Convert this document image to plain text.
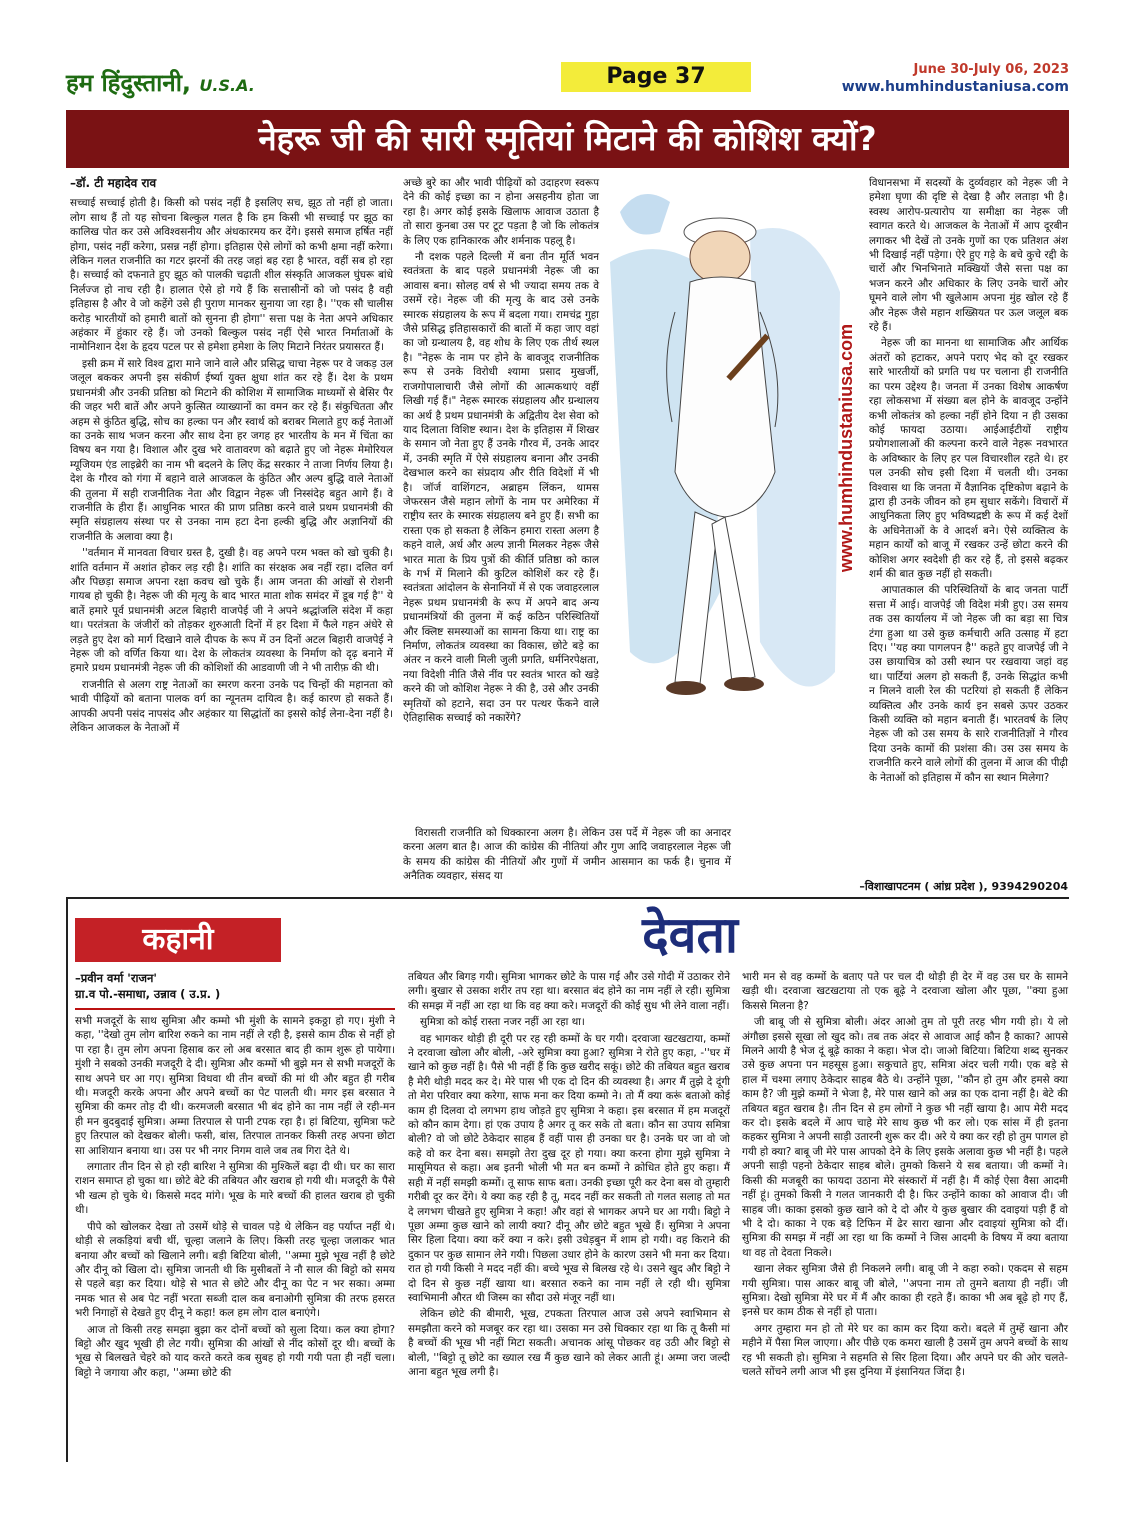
हम हिंदुस्तानी, U.S.A.	Page 37	June 30-July 06, 2023
www.humhindustaniusa.com
नेहरू जी की सारी स्मृतियां मिटाने की कोशिश क्यों?
–डॉ. टी महादेव राव

सच्चाई सच्चाई होती है। किसी को पसंद नहीं है इसलिए सच, झूठ तो नहीं हो जाता। लोग साथ हैं तो यह सोचना बिल्कुल गलत है कि हम किसी भी सच्चाई पर झूठ का कालिख पोत कर उसे अविश्वसनीय और अंधकारमय कर देंगे। इससे समाज हर्षित नहीं होगा, पसंद नहीं करेगा, प्रसन्न नहीं होगा। इतिहास ऐसे लोगों को कभी क्षमा नहीं करेगा। लेकिन गलत राजनीति का गटर झरनों की तरह जहां बह रहा है भारत, वहीं सब हो रहा है। सच्चाई को दफनाते हुए झूठ को पालकी चढ़ाती शील संस्कृति आजकल घुंघरू बांधे निर्लज्ज हो नाच रही है। हालात ऐसे हो गये हैं कि सत्तासीनों को जो पसंद है वही इतिहास है और वे जो कहेंगे उसे ही पुराण मानकर सुनाया जा रहा है। ''एक सौ चालीस करोड़ भारतीयों को हमारी बातों को सुनना ही होगा'' सत्ता पक्ष के नेता अपने अधिकार अहंकार में हुंकार रहे हैं। जो उनको बिल्कुल पसंद नहीं ऐसे भारत निर्माताओं के नामोनिशान देश के हृदय पटल पर से हमेशा हमेशा के लिए मिटाने निरंतर प्रयासरत हैं।

इसी क्रम में सारे विश्व द्वारा माने जाने वाले और प्रसिद्ध चाचा नेहरू पर वे जकड़ उल जलूल बककर अपनी इस संकीर्ण ईर्ष्या युक्त क्षुधा शांत कर रहे हैं। देश के प्रथम प्रधानमंत्री और उनकी प्रतिष्ठा को मिटाने की कोशिश में सामाजिक माध्यमों से बेसिर पैर की जहर भरी बातें और अपने कुत्सित व्याख्यानों का वमन कर रहे हैं। संकुचितता और अहम से कुंठित बुद्धि, सोच का हल्का पन और स्वार्थ को बराबर मिलाते हुए कई नेताओं का उनके साथ भजन करना और साथ देना हर जगह हर भारतीय के मन में चिंता का विषय बन गया है। विशाल और दुख भरे वातावरण को बढ़ाते हुए जो नेहरू मेमोरियल म्यूजियम एंड लाइब्रेरी का नाम भी बदलने के लिए केंद्र सरकार ने ताजा निर्णय लिया है। देश के गौरव को गंगा में बहाने वाले आजकल के कुंठित और अल्प बुद्धि वाले नेताओं की तुलना में सही राजनीतिक नेता और विद्वान नेहरू जी निस्संदेह बहुत आगे हैं। वे राजनीति के हीरा हैं। आधुनिक भारत की प्राण प्रतिष्ठा करने वाले प्रथम प्रधानमंत्री की स्मृति संग्रहालय संस्था पर से उनका नाम हटा देना हल्की बुद्धि और अज्ञानियों की राजनीति के अलावा क्या है।

''वर्तमान में मानवता विचार ग्रस्त है, दुखी है। वह अपने परम भक्त को खो चुकी है। शांति वर्तमान में अशांत होकर लड़ रही है। शांति का संरक्षक अब नहीं रहा। दलित वर्ग और पिछड़ा समाज अपना रक्षा कवच खो चुके हैं। आम जनता की आंखों से रोशनी गायब हो चुकी है। नेहरू जी की मृत्यु के बाद भारत माता शोक समंदर में डूब गई है'' ये बातें हमारे पूर्व प्रधानमंत्री अटल बिहारी वाजपेई जी ने अपने श्रद्धांजलि संदेश में कहा था। परतंत्रता के जंजीरों को तोड़कर शुरुआती दिनों में हर दिशा में फैले गहन अंधेरे से लड़ते हुए देश को मार्ग दिखाने वाले दीपक के रूप में उन दिनों अटल बिहारी वाजपेई ने नेहरू जी को वर्णित किया था। देश के लोकतंत्र व्यवस्था के निर्माण को दृढ़ बनाने में हमारे प्रथम प्रधानमंत्री नेहरू जी की कोशिशों की आडवाणी जी ने भी तारीफ़ की थी।

राजनीति से अलग राष्ट्र नेताओं का स्मरण करना उनके पद चिन्हों की महानता को भावी पीढ़ियों को बताना पालक वर्ग का न्यूनतम दायित्व है। कई कारण हो सकते हैं। आपकी अपनी पसंद नापसंद और अहंकार या सिद्धांतों का इससे कोई लेना-देना नहीं है। लेकिन आजकल के नेताओं में

अच्छे बुरे का और भावी पीढ़ियों को उदाहरण स्वरूप देने की कोई इच्छा का न होना असहनीय होता जा रहा है। अगर कोई इसके खिलाफ आवाज उठाता है तो सारा कुनबा उस पर टूट पड़ता है जो कि लोकतंत्र के लिए एक हानिकारक और शर्मनाक पहलू है।

नौ दशक पहले दिल्ली में बना तीन मूर्ति भवन स्वतंत्रता के बाद पहले प्रधानमंत्री नेहरू जी का आवास बना। सोलह वर्ष से भी ज्यादा समय तक वे उसमें रहे। नेहरू जी की मृत्यु के बाद उसे उनके स्मारक संग्रहालय के रूप में बदला गया। रामचंद्र गुहा जैसे प्रसिद्ध इतिहासकारों की बातों में कहा जाए वहां का जो ग्रन्थालय है, वह शोध के लिए एक तीर्थ स्थल है। "नेहरू के नाम पर होने के बावजूद राजनीतिक रूप से उनके विरोधी श्यामा प्रसाद मुखर्जी, राजगोपालाचारी जैसे लोगों की आत्मकथाएं वहीं लिखी गई हैं।" नेहरू स्मारक संग्रहालय और ग्रन्थालय का अर्थ है प्रथम प्रधानमंत्री के अद्वितीय देश सेवा को याद दिलाता विशिष्ट स्थान। देश के इतिहास में शिखर के समान जो नेता हुए हैं उनके गौरव में, उनके आदर में, उनकी स्मृति में ऐसे संग्रहालय बनाना और उनकी देखभाल करने का संप्रदाय और रीति विदेशों में भी है। जॉर्ज वाशिंगटन, अब्राहम लिंकन, थामस जेफरसन जैसे महान लोगों के नाम पर अमेरिका में राष्ट्रीय स्तर के स्मारक संग्रहालय बने हुए हैं। सभी का रास्ता एक हो सकता है लेकिन हमारा रास्ता अलग है कहने वाले, अर्ध और अल्प ज्ञानी मिलकर नेहरू जैसे भारत माता के प्रिय पुत्रों की कीर्ति प्रतिष्ठा को काल के गर्भ में मिलाने की कुटिल कोशिशें कर रहे हैं। स्वतंत्रता आंदोलन के सेनानियों में से एक जवाहरलाल नेहरू प्रथम प्रधानमंत्री के रूप में अपने बाद अन्य प्रधानमंत्रियों की तुलना में कई कठिन परिस्थितियों और क्लिष्ट समस्याओं का सामना किया था। राष्ट्र का निर्माण, लोकतंत्र व्यवस्था का विकास, छोटे बड़े का अंतर न करने वाली मिली जुली प्रगति, धर्मनिरपेक्षता, नया विदेशी नीति जैसे नींव पर स्वतंत्र भारत को खड़े करने की जो कोशिश नेहरू ने की है, उसे और उनकी स्मृतियों को हटाने, सदा उन पर पत्थर फेंकने वाले ऐतिहासिक सच्चाई को नकारेंगे?

विरासती राजनीति को धिक्कारना अलग है। लेकिन उस पर्दे में नेहरू जी का अनादर करना अलग बात है। आज की कांग्रेस की नीतियां और गुण आदि जवाहरलाल नेहरू जी के समय की कांग्रेस की नीतियों और गुणों में जमीन आसमान का फर्क है। चुनाव में अनैतिक व्यवहार, संसद या

www.humhindustaniusa.com

विधानसभा में सदस्यों के दुर्व्यवहार को नेहरू जी ने हमेशा घृणा की दृष्टि से देखा है और लताड़ा भी है। स्वस्थ आरोप-प्रत्यारोप या समीक्षा का नेहरू जी स्वागत करते थे। आजकल के नेताओं में आप दूरबीन लगाकर भी देखें तो उनके गुणों का एक प्रतिशत अंश भी दिखाई नहीं पड़ेगा। ऐरे हुए गड़े के बचे कुचे रद्दी के चारों और भिनभिनाते मक्खियों जैसे सत्ता पक्ष का भजन करने और अधिकार के लिए उनके चारों ओर घूमने वाले लोग भी खुलेआम अपना मुंह खोल रहे हैं और नेहरू जैसे महान शख्सियत पर ऊल जलूल बक रहे हैं।

नेहरू जी का मानना था सामाजिक और आर्थिक अंतरों को हटाकर, अपने पराए भेद को दूर रखकर सारे भारतीयों को प्रगति पथ पर चलाना ही राजनीति का परम उद्देश्य है। जनता में उनका विशेष आकर्षण रहा लोकसभा में संख्या बल होने के बावजूद उन्होंने कभी लोकतंत्र को हल्का नहीं होने दिया न ही उसका कोई फायदा उठाया। आईआईटीयों राष्ट्रीय प्रयोगशालाओं की कल्पना करने वाले नेहरू नवभारत के अविष्कार के लिए हर पल विचारशील रहते थे। हर पल उनकी सोच इसी दिशा में चलती थी। उनका विश्वास था कि जनता में वैज्ञानिक दृष्टिकोण बढ़ाने के द्वारा ही उनके जीवन को हम सुधार सकेंगे। विचारों में आधुनिकता लिए हुए भविष्यद्रष्टी के रूप में कई देशों के अधिनेताओं के वे आदर्श बने। ऐसे व्यक्तित्व के महान कार्यों को बाजू में रखकर उन्हें छोटा करने की कोशिश अगर स्वदेशी ही कर रहे हैं, तो इससे बढ़कर शर्म की बात कुछ नहीं हो सकती।

आपातकाल की परिस्थितियों के बाद जनता पार्टी सत्ता में आई। वाजपेई जी विदेश मंत्री हुए। उस समय तक उस कार्यालय में जो नेहरू जी का बड़ा सा चित्र टंगा हुआ था उसे कुछ कर्मचारी अति उत्साह में हटा दिए। ''यह क्या पागलपन है'' कहते हुए वाजपेई जी ने उस छायाचित्र को उसी स्थान पर रखवाया जहां वह था। पार्टियां अलग हो सकती हैं, उनके सिद्धांत कभी न मिलने वाली रेल की पटरियां हो सकती हैं लेकिन व्यक्तित्व और उनके कार्य इन सबसे ऊपर उठकर किसी व्यक्ति को महान बनाती हैं। भारतवर्ष के लिए नेहरू जी को उस समय के सारे राजनीतिज्ञों ने गौरव दिया उनके कामों की प्रशंसा की। उस उस समय के राजनीति करने वाले लोगों की तुलना में आज की पीढ़ी के नेताओं को इतिहास में कौन सा स्थान मिलेगा?

–विशाखापटनम ( आंध्र प्रदेश ), 9394290204
कहानी	देवता
–प्रवीन वर्मा 'राजन'
ग्रा.व पो.-समाधा, उन्नाव ( उ.प्र. )

सभी मजदूरों के साथ सुमित्रा और कम्मो भी मुंशी के सामने इकठ्ठा हो गए। मुंशी ने कहा, ''देखो तुम लोग बारिश रुकने का नाम नहीं ले रही है, इससे काम ठीक से नहीं हो पा रहा है। तुम लोग अपना हिसाब कर लो अब बरसात बाद ही काम शुरू हो पायेगा। मुंशी ने सबको उनकी मजदूरी दे दी। सुमित्रा और कम्मों भी बुझे मन से सभी मजदूरों के साथ अपने घर आ गए। सुमित्रा विधवा थी तीन बच्चों की मां थी और बहुत ही गरीब थी। मजदूरी करके अपना और अपने बच्चों का पेट पालती थी। मगर इस बरसात ने सुमित्रा की कमर तोड़ दी थी। करमजली बरसात भी बंद होने का नाम नहीं ले रही-मन ही मन बुदबुदाई सुमित्रा। अम्मा तिरपाल से पानी टपक रहा है। हां बिटिया, सुमित्रा फटे हुए तिरपाल को देखकर बोली। फसी, बांस, तिरपाल तानकर किसी तरह अपना छोटा सा आशियान बनाया था। उस पर भी नगर निगम वाले जब तब गिरा देते थे।

लगातार तीन दिन से हो रही बारिश ने सुमित्रा की मुश्किलें बढ़ा दी थी। घर का सारा राशन समाप्त हो चुका था। छोटे बेटे की तबियत और खराब हो गयी थी। मजदूरी के पैसे भी खत्म हो चुके थे। किससे मदद मांगे। भूख के मारे बच्चों की हालत खराब हो चुकी थी।

पीपे को खोलकर देखा तो उसमें थोड़े से चावल पड़े थे लेकिन वह पर्याप्त नहीं थे। थोड़ी से लकड़ियां बची थीं, चूल्हा जलाने के लिए। किसी तरह चूल्हा जलाकर भात बनाया और बच्चों को खिलाने लगी। बड़ी बिटिया बोली, ''अम्मा मुझे भूख नहीं है छोटे और दीनू को खिला दो। सुमित्रा जानती थी कि मुसीबतों ने नौ साल की बिट्टो को समय से पहले बड़ा कर दिया। थोड़े से भात से छोटे और दीनू का पेट न भर सका। अम्मा नमक भात से अब पेट नहीं भरता सब्जी दाल कब बनाओगी सुमित्रा की तरफ हसरत भरी निगाहों से देखते हुए दीनू ने कहा! कल हम लोग दाल बनाएंगे।

आज तो किसी तरह समझा बुझा कर दोनों बच्चों को सुला दिया। कल क्या होगा? बिट्टो और खुद भूखी ही लेट गयी। सुमित्रा की आंखों से नींद कोसों दूर थी। बच्चों के भूख से बिलखते चेहरे को याद करते करते कब सुबह हो गयी गयी पता ही नहीं चला। बिट्टो ने जगाया और कहा, ''अम्मा छोटे की

तबियत और बिगड़ गयी। सुमित्रा भागकर छोटे के पास गई और उसे गोदी में उठाकर रोने लगी। बुखार से उसका शरीर तप रहा था। बरसात बंद होने का नाम नहीं ले रही। सुमित्रा की समझ में नहीं आ रहा था कि वह क्या करे। मजदूरों की कोई सुध भी लेने वाला नहीं।

सुमित्रा को कोई रास्ता नजर नहीं आ रहा था।

वह भागकर थोड़ी ही दूरी पर रह रही कम्मों के घर गयी। दरवाजा खटखटाया, कम्मों ने दरवाजा खोला और बोली, -अरे सुमित्रा क्या हुआ? सुमित्रा ने रोते हुए कहा, -''घर में खाने को कुछ नहीं है। पैसे भी नहीं हैं कि कुछ खरीद सकूं। छोटे की तबियत बहुत खराब है मेरी थोड़ी मदद कर दे। मेरे पास भी एक दो दिन की व्यवस्था है। अगर मैं तुझे दे दूंगी तो मेरा परिवार क्या करेगा, साफ मना कर दिया कम्मो ने। तो मैं क्या करूं बताओ कोई काम ही दिलवा दो लगभग हाथ जोड़ते हुए सुमित्रा ने कहा। इस बरसात में हम मजदूरों को कौन काम देगा। हां एक उपाय है अगर तू कर सके तो बता। कौन सा उपाय समित्रा बोली? वो जो छोटे ठेकेदार साहब हैं वहीं पास ही उनका घर है। उनके घर जा वो जो कहे वो कर देना बस। समझो तेरा दुख दूर हो गया। क्या करना होगा मुझे सुमित्रा ने मासूमियत से कहा। अब इतनी भोली भी मत बन कम्मों ने क्रोधित होते हुए कहा। मैं सही में नहीं समझी कम्मों। तू साफ साफ बता। उनकी इच्छा पूरी कर देना बस वो तुम्हारी गरीबी दूर कर देंगे। ये क्या कह रही है तू, मदद नहीं कर सकती तो गलत सलाह तो मत दे लगभग चीखते हुए सुमित्रा ने कहा! और वहां से भागकर अपने घर आ गयी। बिट्टो ने पूछा अम्मा कुछ खाने को लायी क्या? दीनू और छोटे बहुत भूखे हैं। सुमित्रा ने अपना सिर हिला दिया। क्या करें क्या न करे। इसी उधेड़बुन में शाम हो गयी। वह किराने की दुकान पर कुछ सामान लेने गयी। पिछला उधार होने के कारण उसने भी मना कर दिया। रात हो गयी किसी ने मदद नहीं की। बच्चे भूख से बिलख रहे थे। उसने खुद और बिट्टो ने दो दिन से कुछ नहीं खाया था। बरसात रुकने का नाम नहीं ले रही थी। सुमित्रा स्वाभिमानी औरत थी जिस्म का सौदा उसे मंजूर नहीं था।

लेकिन छोटे की बीमारी, भूख, टपकता तिरपाल आज उसे अपने स्वाभिमान से समझौता करने को मजबूर कर रहा था। उसका मन उसे धिक्कार रहा था कि तू कैसी मां है बच्चों की भूख भी नहीं मिटा सकती। अचानक आंसू पोछकर वह उठी और बिट्टो से बोली, ''बिट्टो तू छोटे का ख्याल रख मैं कुछ खाने को लेकर आती हूं। अम्मा जरा जल्दी आना बहुत भूख लगी है।

भारी मन से वह कम्मों के बताए पते पर चल दी थोड़ी ही देर में वह उस घर के सामने खड़ी थी। दरवाजा खटखटाया तो एक बूढ़े ने दरवाजा खोला और पूछा, ''क्या हुआ किससे मिलना है?

जी बाबू जी से सुमित्रा बोली। अंदर आओ तुम तो पूरी तरह भीग गयी हो। ये लो अंगौछा इससे सूखा लो खुद को। तब तक अंदर से आवाज आई कौन है काका? आपसे मिलने आयी है भेज दूं बूढ़े काका ने कहा। भेज दो। जाओ बिटिया। बिटिया शब्द सुनकर उसे कुछ अपना पन महसूस हुआ। सकुचाते हुए, समित्रा अंदर चली गयी। एक बड़े से हाल में चश्मा लगाए ठेकेदार साहब बैठे थे। उन्होंने पूछा, ''कौन हो तुम और हमसे क्या काम है? जी मुझे कम्मों ने भेजा है, मेरे पास खाने को अन्न का एक दाना नहीं है। बेटे की तबियत बहुत खराब है। तीन दिन से हम लोगों ने कुछ भी नहीं खाया है। आप मेरी मदद कर दो। इसके बदले में आप चाहे मेरे साथ कुछ भी कर लो। एक सांस में ही इतना कहकर सुमित्रा ने अपनी साड़ी उतारनी शुरू कर दी। अरे ये क्या कर रही हो तुम पागल हो गयी हो क्या? बाबू जी मेरे पास आपको देने के लिए इसके अलावा कुछ भी नहीं है। पहले अपनी साड़ी पहनो ठेकेदार साहब बोले। तुमको किसने ये सब बताया। जी कम्मों ने। किसी की मजबूरी का फायदा उठाना मेरे संस्कारों में नहीं है। मैं कोई ऐसा वैसा आदमी नहीं हूं। तुमको किसी ने गलत जानकारी दी है। फिर उन्होंने काका को आवाज दी। जी साहब जी। काका इसको कुछ खाने को दे दो और ये कुछ बुखार की दवाइयां पड़ी हैं वो भी दे दो। काका ने एक बड़े टिफिन में ढेर सारा खाना और दवाइयां सुमित्रा को दीं। सुमित्रा की समझ में नहीं आ रहा था कि कम्मों ने जिस आदमी के विषय में क्या बताया था वह तो देवता निकले।

खाना लेकर सुमित्रा जैसे ही निकलने लगी। बाबू जी ने कहा रुको। एकदम से सहम गयी सुमित्रा। पास आकर बाबू जी बोले, ''अपना नाम तो तुमने बताया ही नहीं। जी सुमित्रा। देखो सुमित्रा मेरे घर में मैं और काका ही रहते हैं। काका भी अब बूढ़े हो गए हैं, इनसे घर काम ठीक से नहीं हो पाता।

अगर तुम्हारा मन हो तो मेरे घर का काम कर दिया करो। बदले में तुम्हें खाना और महीने में पैसा मिल जाएगा। और पीछे एक कमरा खाली है उसमें तुम अपने बच्चों के साथ रह भी सकती हो। सुमित्रा ने सहमति से सिर हिला दिया। और अपने घर की ओर चलते-चलते सोंचने लगी आज भी इस दुनिया में इंसानियत जिंदा है।
